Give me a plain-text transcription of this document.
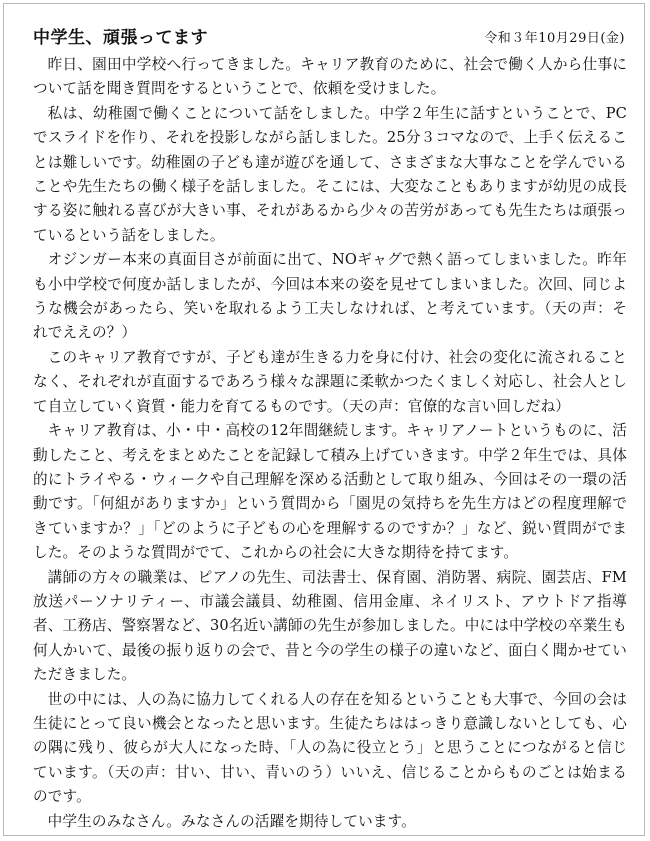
中学生、頑張ってます	令和３年10月29日(金)

昨日、園田中学校へ行ってきました。キャリア教育のために、社会で働く人から仕事について話を聞き質問をするということで、依頼を受けました。

私は、幼稚園で働くことについて話をしました。中学２年生に話すということで、PCでスライドを作り、それを投影しながら話しました。25分３コマなので、上手く伝えることは難しいです。幼稚園の子ども達が遊びを通して、さまざまな大事なことを学んでいることや先生たちの働く様子を話しました。そこには、大変なこともありますが幼児の成長する姿に触れる喜びが大きい事、それがあるから少々の苦労があっても先生たちは頑張っているという話をしました。

オジンガー本来の真面目さが前面に出て、NOギャグで熱く語ってしまいました。昨年も小中学校で何度か話しましたが、今回は本来の姿を見せてしまいました。次回、同じような機会があったら、笑いを取れるよう工夫しなければ、と考えています。（天の声：それでええの？）

このキャリア教育ですが、子ども達が生きる力を身に付け、社会の変化に流されることなく、それぞれが直面するであろう様々な課題に柔軟かつたくましく対応し、社会人として自立していく資質・能力を育てるものです。（天の声：官僚的な言い回しだね）

キャリア教育は、小・中・高校の12年間継続します。キャリアノートというものに、活動したこと、考えをまとめたことを記録して積み上げていきます。中学２年生では、具体的にトライやる・ウィークや自己理解を深める活動として取り組み、今回はその一環の活動です。「何組がありますか」という質問から「園児の気持ちを先生方はどの程度理解できていますか？」「どのように子どもの心を理解するのですか？」など、鋭い質問がでました。そのような質問がでて、これからの社会に大きな期待を持てます。

講師の方々の職業は、ピアノの先生、司法書士、保育園、消防署、病院、園芸店、FM放送パーソナリティー、市議会議員、幼稚園、信用金庫、ネイリスト、アウトドア指導者、工務店、警察署など、30名近い講師の先生が参加しました。中には中学校の卒業生も何人かいて、最後の振り返りの会で、昔と今の学生の様子の違いなど、面白く聞かせていただきました。

世の中には、人の為に協力してくれる人の存在を知るということも大事で、今回の会は生徒にとって良い機会となったと思います。生徒たちははっきり意識しないとしても、心の隅に残り、彼らが大人になった時、「人の為に役立とう」と思うことにつながると信じています。（天の声：甘い、甘い、青いのう）いいえ、信じることからものごとは始まるのです。

中学生のみなさん。みなさんの活躍を期待しています。
